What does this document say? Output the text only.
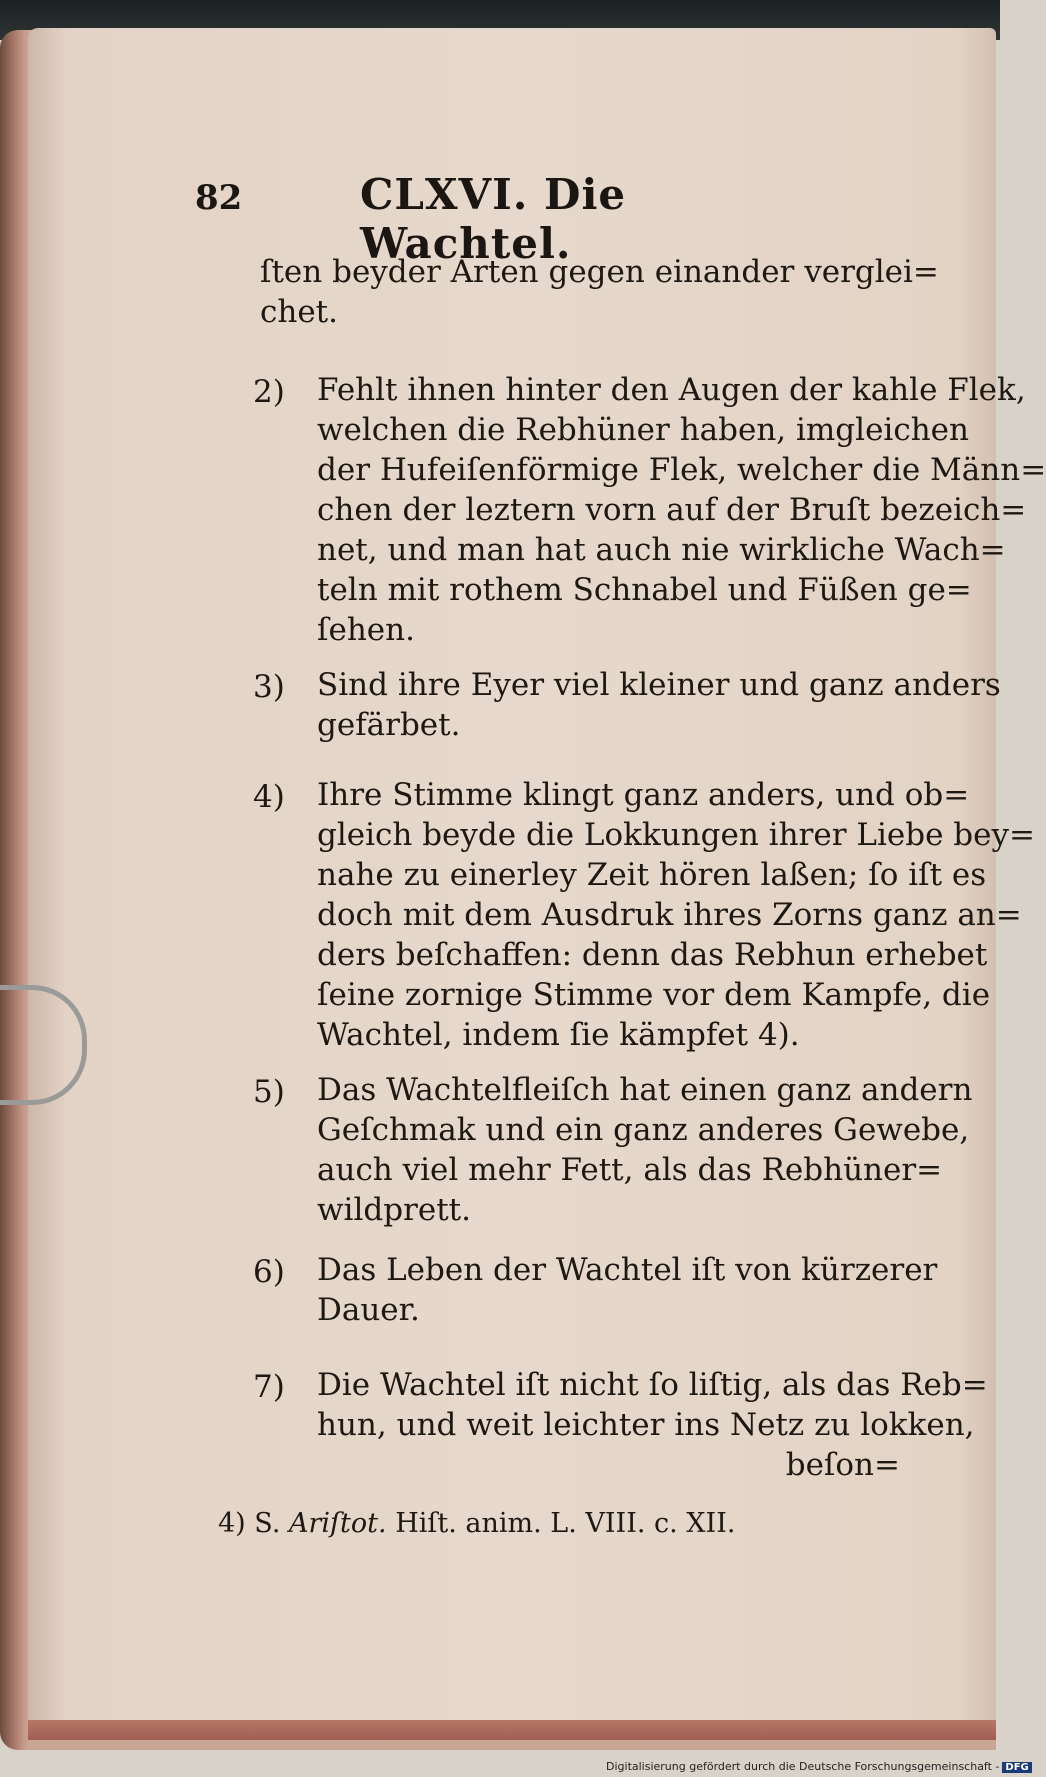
82	CLXVI. Die Wachtel.
ſten beyder Arten gegen einander verglei=
chet.
2) Fehlt ihnen hinter den Augen der kahle Flek,
welchen die Rebhüner haben, imgleichen
der Hufeiſenförmige Flek, welcher die Männ=
chen der leztern vorn auf der Bruſt bezeich=
net, und man hat auch nie wirkliche Wach=
teln mit rothem Schnabel und Füßen ge=
ſehen.
3) Sind ihre Eyer viel kleiner und ganz anders
gefärbet.
4) Ihre Stimme klingt ganz anders, und ob=
gleich beyde die Lokkungen ihrer Liebe bey=
nahe zu einerley Zeit hören laßen; ſo iſt es
doch mit dem Ausdruk ihres Zorns ganz an=
ders beſchaffen: denn das Rebhun erhebet
ſeine zornige Stimme vor dem Kampfe, die
Wachtel, indem ſie kämpfet 4).
5) Das Wachtelfleiſch hat einen ganz andern
Geſchmak und ein ganz anderes Gewebe,
auch viel mehr Fett, als das Rebhüner=
wildprett.
6) Das Leben der Wachtel iſt von kürzerer
Dauer.
7) Die Wachtel iſt nicht ſo liſtig, als das Reb=
hun, und weit leichter ins Netz zu lokken,
beſon=
4) S. Ariſtot. Hiſt. anim. L. VIII. c. XII.
Digitalisierung gefördert durch die Deutsche Forschungsgemeinschaft - DFG
